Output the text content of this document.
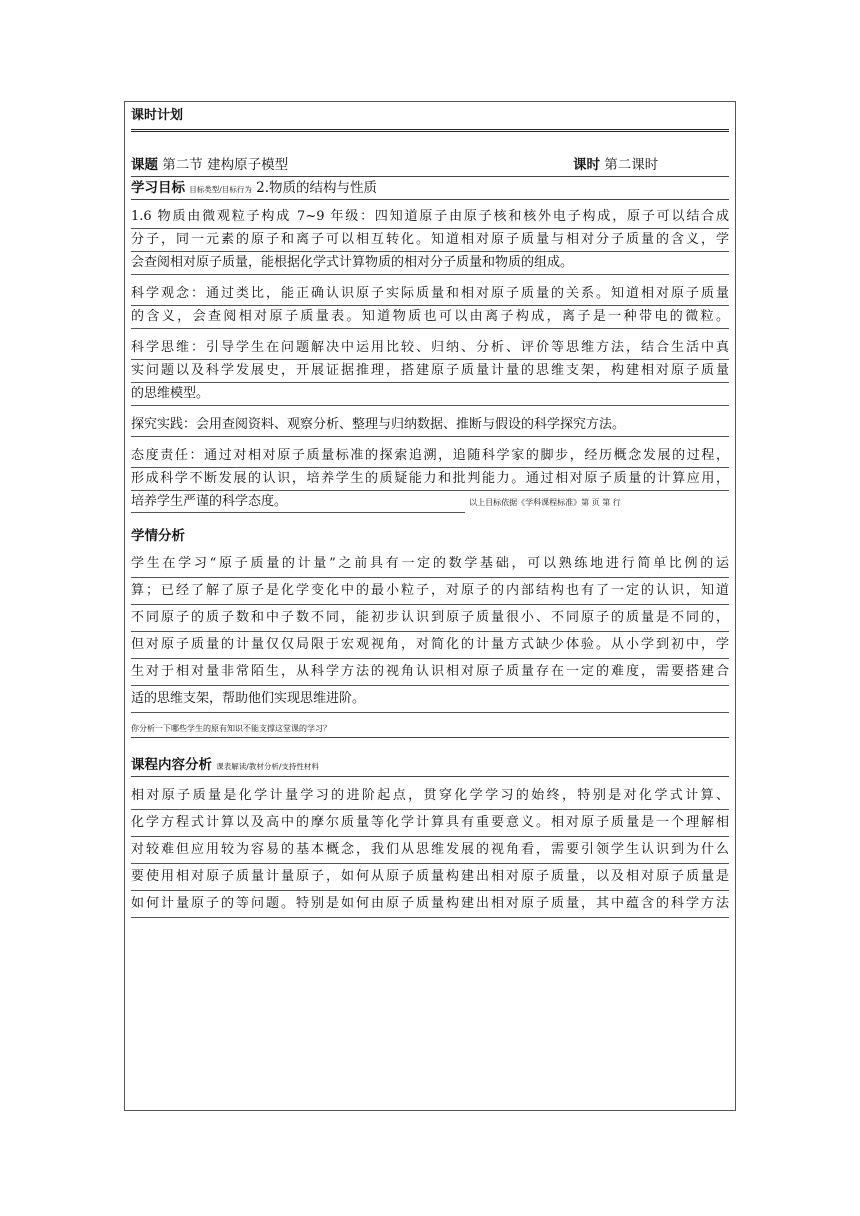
课时计划
课题 第二节 建构原子模型	课时 第二课时
学习目标 目标类型/目标行为 2.物质的结构与性质
1.6 物质由微观粒子构成 7~9 年级：四知道原子由原子核和核外电子构成，原子可以结合成
分子，同一元素的原子和离子可以相互转化。知道相对原子质量与相对分子质量的含义，学
会查阅相对原子质量，能根据化学式计算物质的相对分子质量和物质的组成。
科学观念：通过类比，能正确认识原子实际质量和相对原子质量的关系。知道相对原子质量
的含义，会查阅相对原子质量表。知道物质也可以由离子构成，离子是一种带电的微粒。
科学思维：引导学生在问题解决中运用比较、归纳、分析、评价等思维方法，结合生活中真
实问题以及科学发展史，开展证据推理，搭建原子质量计量的思维支架，构建相对原子质量
的思维模型。
探究实践：会用查阅资料、观察分析、整理与归纳数据、推断与假设的科学探究方法。
态度责任：通过对相对原子质量标准的探索追溯，追随科学家的脚步，经历概念发展的过程，
形成科学不断发展的认识，培养学生的质疑能力和批判能力。通过相对原子质量的计算应用，
培养学生严谨的科学态度。	以上目标依据《学科课程标准》第 页 第 行
学情分析
学生在学习“原子质量的计量”之前具有一定的数学基础，可以熟练地进行简单比例的运
算；已经了解了原子是化学变化中的最小粒子，对原子的内部结构也有了一定的认识，知道
不同原子的质子数和中子数不同，能初步认识到原子质量很小、不同原子的质量是不同的，
但对原子质量的计量仅仅局限于宏观视角，对简化的计量方式缺少体验。从小学到初中，学
生对于相对量非常陌生，从科学方法的视角认识相对原子质量存在一定的难度，需要搭建合
适的思维支架，帮助他们实现思维进阶。
你分析一下哪些学生的原有知识不能支撑这堂课的学习？
课程内容分析 课表解读/教材分析/支持性材料
相对原子质量是化学计量学习的进阶起点，贯穿化学学习的始终，特别是对化学式计算、
化学方程式计算以及高中的摩尔质量等化学计算具有重要意义。相对原子质量是一个理解相
对较难但应用较为容易的基本概念，我们从思维发展的视角看，需要引领学生认识到为什么
要使用相对原子质量计量原子，如何从原子质量构建出相对原子质量，以及相对原子质量是
如何计量原子的等问题。特别是如何由原子质量构建出相对原子质量，其中蕴含的科学方法
